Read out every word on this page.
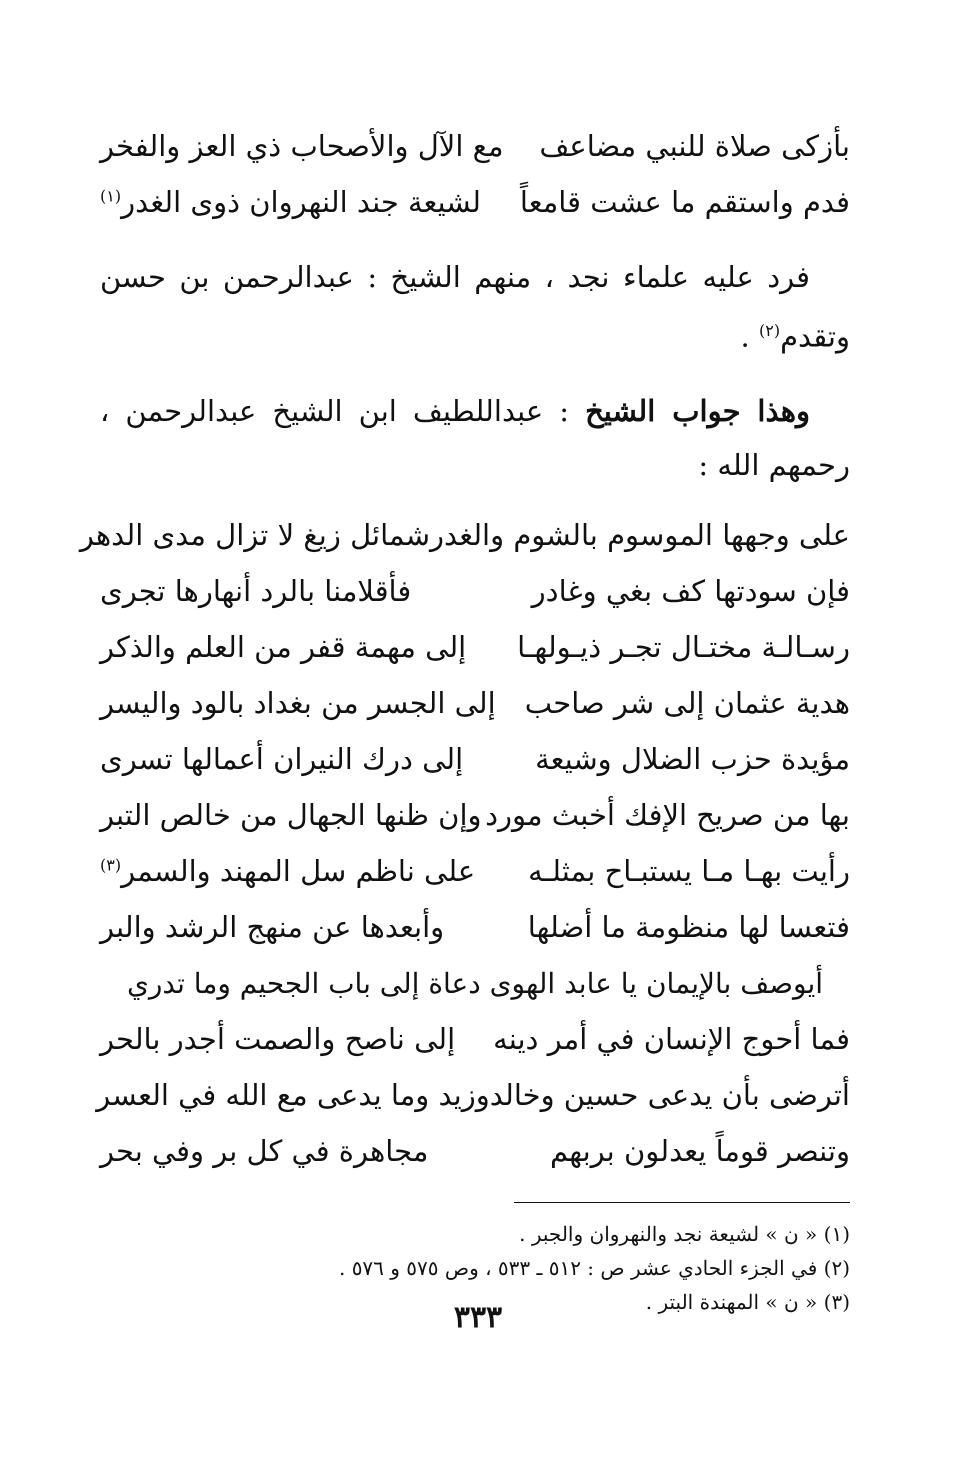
بأزكى صلاة للنبي مضاعف
مع الآل والأصحاب ذي العز والفخر
فدم واستقم ما عشت قامعاً
لشيعة جند النهروان ذوى الغدر$^{(١)}$

فرد عليه علماء نجد ، منهم الشيخ : عبدالرحمن بن حسن وتقدم$^{(٢)}$ .

وهذا جواب الشيخ : عبداللطيف ابن الشيخ عبدالرحمن ، رحمهم الله :

على وجهها الموسوم بالشوم والغدر
شمائل زيغ لا تزال مدى الدهر
فإن سودتها كف بغي وغادر
فأقلامنا بالرد أنهارها تجرى
رسـالـة مختـال تجـر ذيـولهـا
إلى مهمة قفر من العلم والذكر
هدية عثمان إلى شر صاحب
إلى الجسر من بغداد بالود واليسر
مؤيدة حزب الضلال وشيعة
إلى درك النيران أعمالها تسرى
بها من صريح الإفك أخبث مورد
وإن ظنها الجهال من خالص التبر
رأيت بهـا مـا يستبـاح بمثلـه
على ناظم سل المهند والسمر$^{(٣)}$
فتعسا لها منظومة ما أضلها
وأبعدها عن منهج الرشد والبر
أيوصف بالإيمان يا عابد الهوى دعاة إلى باب الجحيم وما تدري
فما أحوج الإنسان في أمر دينه
إلى ناصح والصمت أجدر بالحر
أترضى بأن يدعى حسين وخالد
وزيد وما يدعى مع الله في العسر
وتنصر قوماً يعدلون بربهم
مجاهرة في كل بر وفي بحر
(١) « ن » لشيعة نجد والنهروان والجبر .
(٢) في الجزء الحادي عشر ص : ٥١٢ ـ ٥٣٣ ، وص ٥٧٥ و ٥٧٦ .
(٣) « ن » المهندة البتر .
٣٣٣
